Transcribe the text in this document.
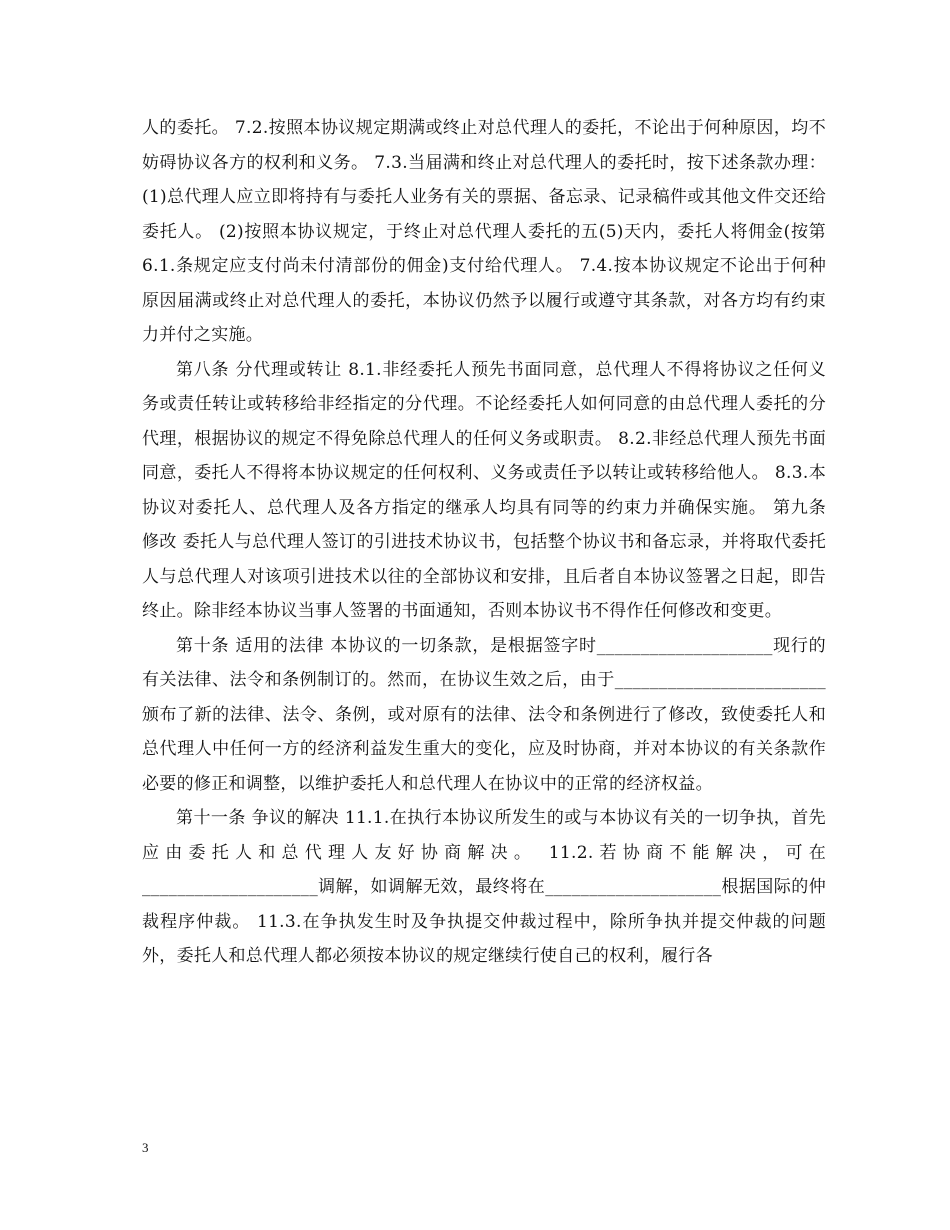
人的委托。 7.2.按照本协议规定期满或终止对总代理人的委托，不论出于何种原因，均不妨碍协议各方的权利和义务。 7.3.当届满和终止对总代理人的委托时，按下述条款办理： (1)总代理人应立即将持有与委托人业务有关的票据、备忘录、记录稿件或其他文件交还给委托人。 (2)按照本协议规定，于终止对总代理人委托的五(5)天内，委托人将佣金(按第6.1.条规定应支付尚未付清部份的佣金)支付给代理人。 7.4.按本协议规定不论出于何种原因届满或终止对总代理人的委托，本协议仍然予以履行或遵守其条款，对各方均有约束力并付之实施。

第八条 分代理或转让 8.1.非经委托人预先书面同意，总代理人不得将协议之任何义务或责任转让或转移给非经指定的分代理。不论经委托人如何同意的由总代理人委托的分代理，根据协议的规定不得免除总代理人的任何义务或职责。 8.2.非经总代理人预先书面同意，委托人不得将本协议规定的任何权利、义务或责任予以转让或转移给他人。 8.3.本协议对委托人、总代理人及各方指定的继承人均具有同等的约束力并确保实施。 第九条 修改 委托人与总代理人签订的引进技术协议书，包括整个协议书和备忘录，并将取代委托人与总代理人对该项引进技术以往的全部协议和安排，且后者自本协议签署之日起，即告终止。除非经本协议当事人签署的书面通知，否则本协议书不得作任何修改和变更。

第十条 适用的法律 本协议的一切条款，是根据签字时____________________现行的有关法律、法令和条例制订的。然而，在协议生效之后，由于________________________颁布了新的法律、法令、条例，或对原有的法律、法令和条例进行了修改，致使委托人和总代理人中任何一方的经济利益发生重大的变化，应及时协商，并对本协议的有关条款作必要的修正和调整，以维护委托人和总代理人在协议中的正常的经济权益。

第十一条 争议的解决 11.1.在执行本协议所发生的或与本协议有关的一切争执，首先应由委托人和总代理人友好协商解决。 11.2.若协商不能解决，可在____________________调解，如调解无效，最终将在____________________根据国际的仲裁程序仲裁。 11.3.在争执发生时及争执提交仲裁过程中，除所争执并提交仲裁的问题外，委托人和总代理人都必须按本协议的规定继续行使自己的权利，履行各

3
